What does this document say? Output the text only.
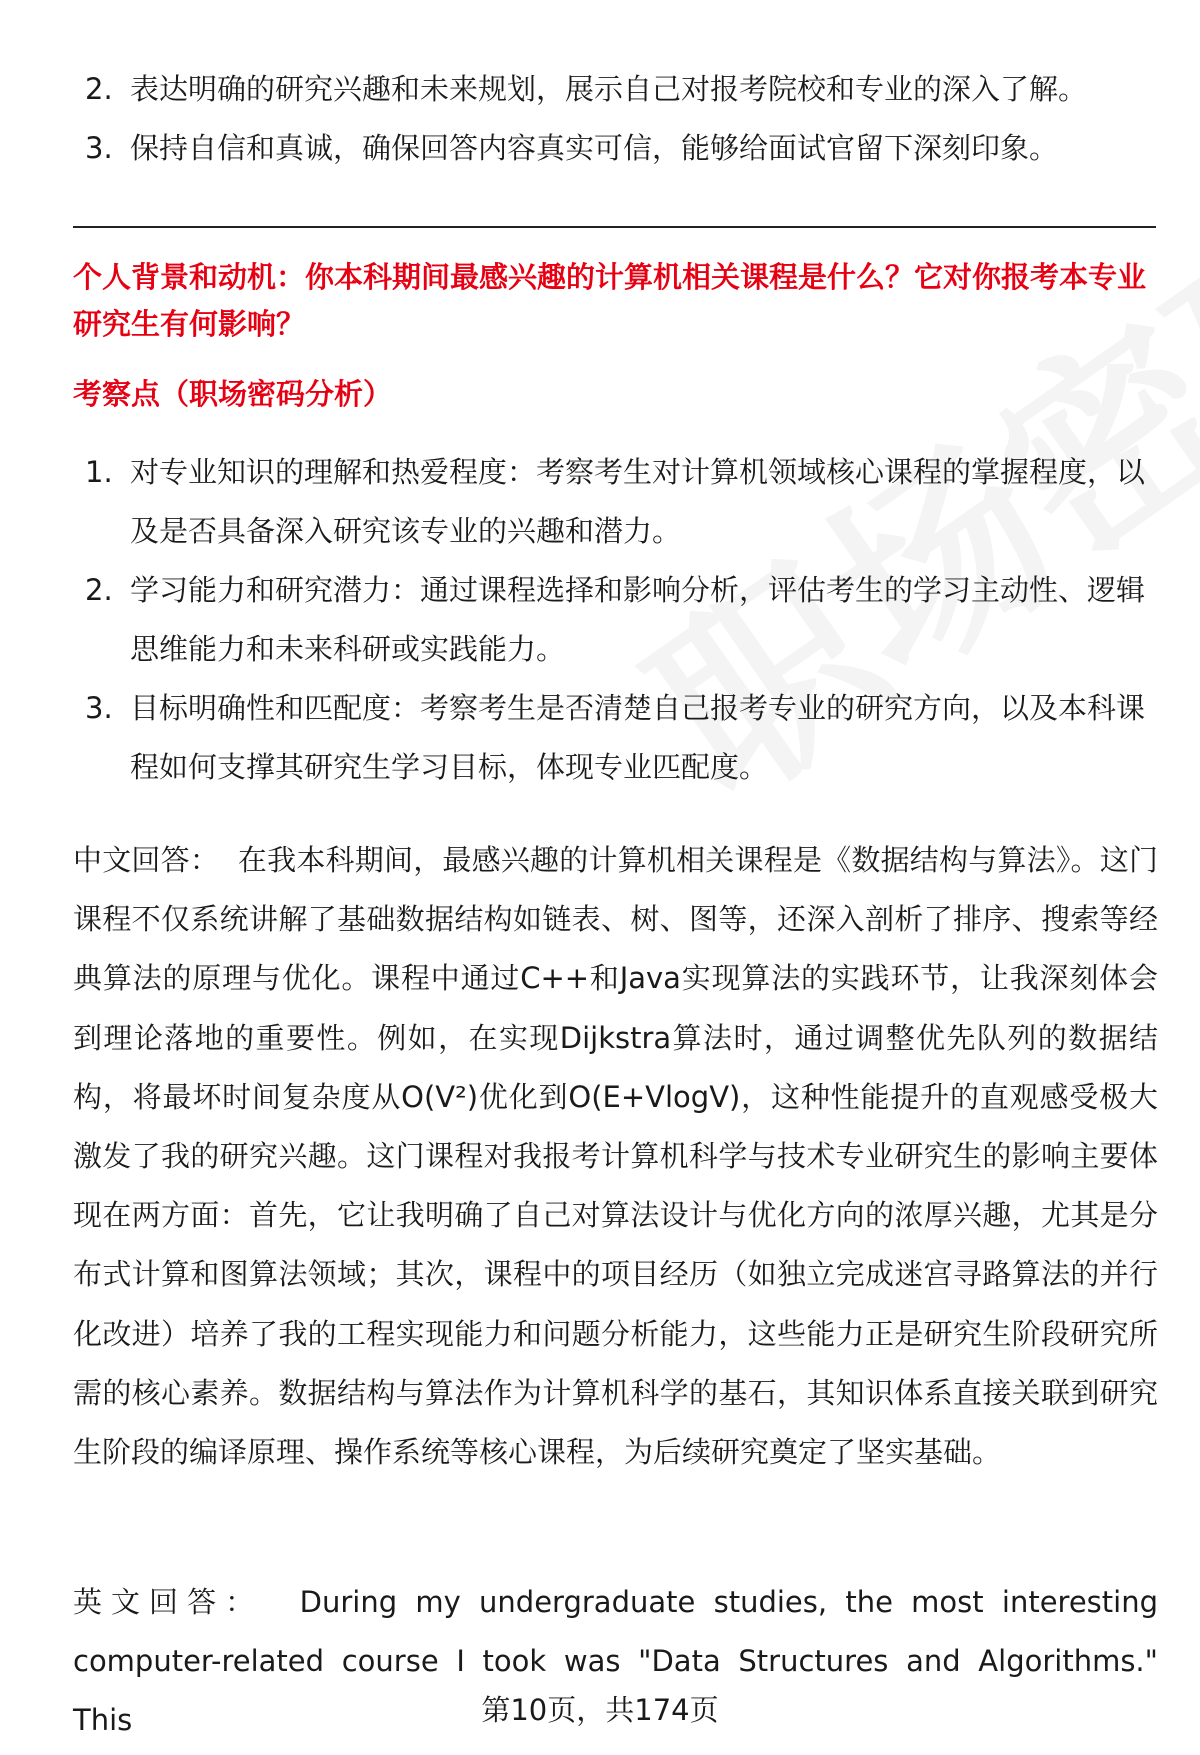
2. 表达明确的研究兴趣和未来规划，展示自己对报考院校和专业的深入了解。
3. 保持自信和真诚，确保回答内容真实可信，能够给面试官留下深刻印象。
个人背景和动机：你本科期间最感兴趣的计算机相关课程是什么？它对你报考本专业研究生有何影响？
考察点（职场密码分析）
1. 对专业知识的理解和热爱程度：考察考生对计算机领域核心课程的掌握程度，以及是否具备深入研究该专业的兴趣和潜力。
2. 学习能力和研究潜力：通过课程选择和影响分析，评估考生的学习主动性、逻辑思维能力和未来科研或实践能力。
3. 目标明确性和匹配度：考察考生是否清楚自己报考专业的研究方向，以及本科课程如何支撑其研究生学习目标，体现专业匹配度。

中文回答： 在我本科期间，最感兴趣的计算机相关课程是《数据结构与算法》。这门课程不仅系统讲解了基础数据结构如链表、树、图等，还深入剖析了排序、搜索等经典算法的原理与优化。课程中通过C++和Java实现算法的实践环节，让我深刻体会到理论落地的重要性。例如，在实现Dijkstra算法时，通过调整优先队列的数据结构，将最坏时间复杂度从O(V²)优化到O(E+VlogV)，这种性能提升的直观感受极大激发了我的研究兴趣。这门课程对我报考计算机科学与技术专业研究生的影响主要体现在两方面：首先，它让我明确了自己对算法设计与优化方向的浓厚兴趣，尤其是分布式计算和图算法领域；其次，课程中的项目经历（如独立完成迷宫寻路算法的并行化改进）培养了我的工程实现能力和问题分析能力，这些能力正是研究生阶段研究所需的核心素养。数据结构与算法作为计算机科学的基石，其知识体系直接关联到研究生阶段的编译原理、操作系统等核心课程，为后续研究奠定了坚实基础。

英文回答： During my undergraduate studies, the most interesting computer-related course I took was "Data Structures and Algorithms." This	第10页，共174页
